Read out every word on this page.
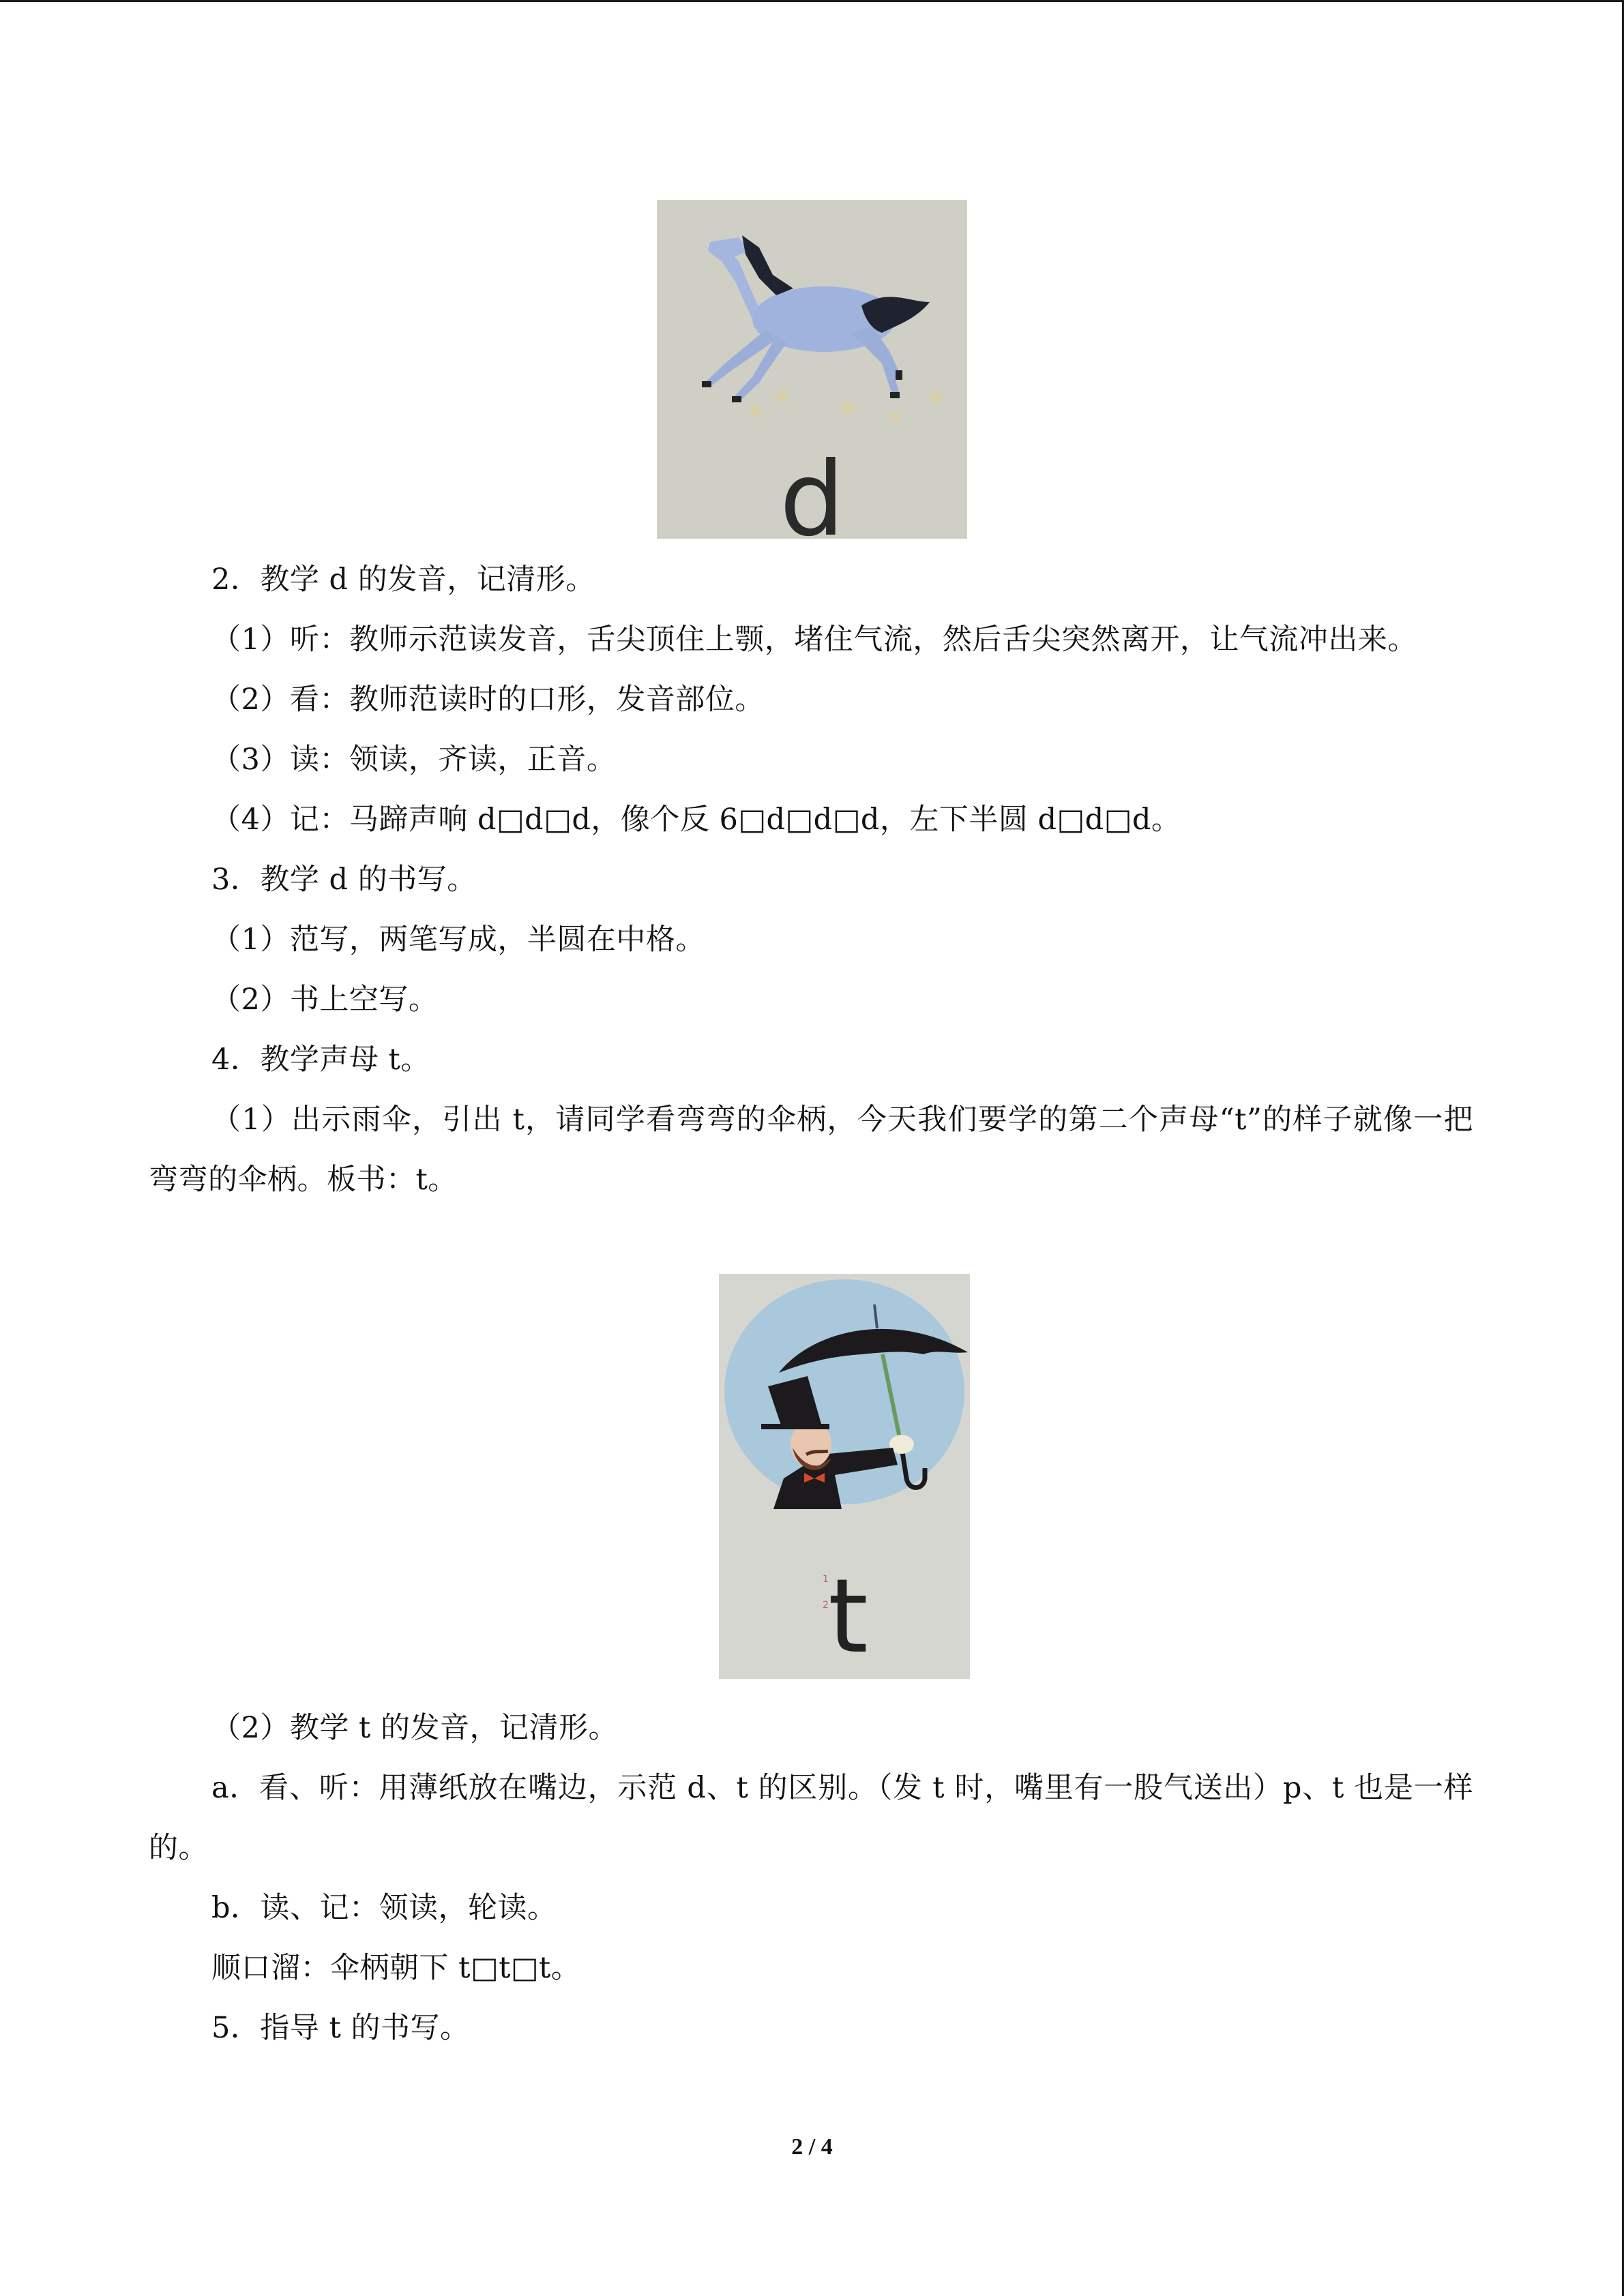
d
1
2 t

2．教学 d 的发音，记清形。

（1）听：教师示范读发音，舌尖顶住上颚，堵住气流，然后舌尖突然离开，让气流冲出来。

（2）看：教师范读时的口形，发音部位。

（3）读：领读，齐读，正音。

（4）记：马蹄声响 d□d□d，像个反 6□d□d□d，左下半圆 d□d□d。

3．教学 d 的书写。

（1）范写，两笔写成，半圆在中格。

（2）书上空写。

4．教学声母 t。

（1）出示雨伞，引出 t，请同学看弯弯的伞柄，今天我们要学的第二个声母“t”的样子就像一把弯弯的伞柄。板书：t。

（2）教学 t 的发音，记清形。

a．看、听：用薄纸放在嘴边，示范 d、t 的区别。（发 t 时，嘴里有一股气送出）p、t 也是一样的。

b．读、记：领读，轮读。

顺口溜：伞柄朝下 t□t□t。

5．指导 t 的书写。

2 / 4
